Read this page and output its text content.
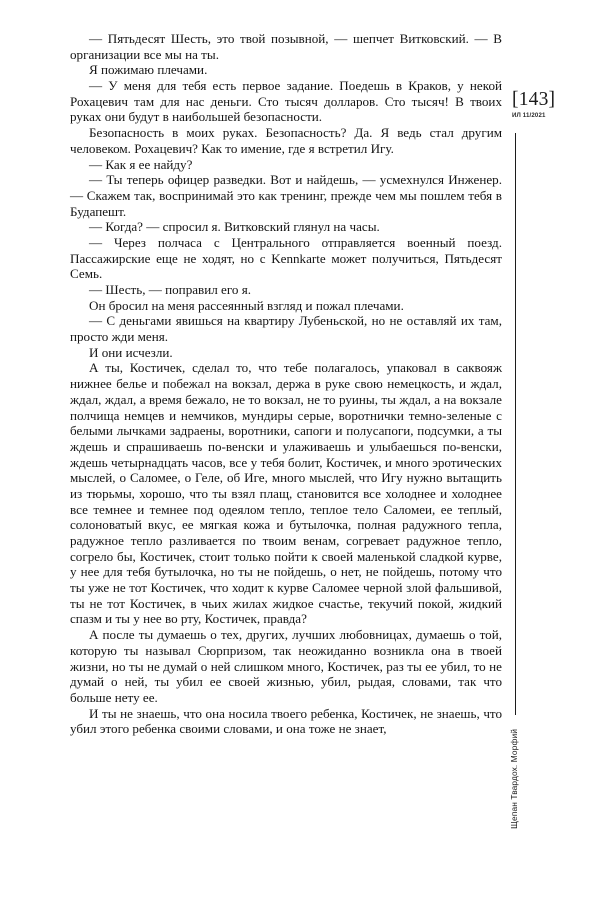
— Пятьдесят Шесть, это твой позывной, — шепчет Витковский. — В организации все мы на ты.

Я пожимаю плечами.

— У меня для тебя есть первое задание. Поедешь в Краков, у некой Рохацевич там для нас деньги. Сто тысяч долларов. Сто тысяч! В твоих руках они будут в наибольшей безопасности.

Безопасность в моих руках. Безопасность? Да. Я ведь стал другим человеком. Рохацевич? Как то имение, где я встретил Игу.

— Как я ее найду?

— Ты теперь офицер разведки. Вот и найдешь, — усмехнулся Инженер. — Скажем так, воспринимай это как тренинг, прежде чем мы пошлем тебя в Будапешт.

— Когда? — спросил я. Витковский глянул на часы.

— Через полчаса с Центрального отправляется военный поезд. Пассажирские еще не ходят, но с Kennkarte может получиться, Пятьдесят Семь.

— Шесть, — поправил его я.

Он бросил на меня рассеянный взгляд и пожал плечами.

— С деньгами явишься на квартиру Лубеньской, но не оставляй их там, просто жди меня.

И они исчезли.

А ты, Костичек, сделал то, что тебе полагалось, упаковал в саквояж нижнее белье и побежал на вокзал, держа в руке свою немецкость, и ждал, ждал, ждал, а время бежало, не то вокзал, не то руины, ты ждал, а на вокзале полчища немцев и немчиков, мундиры серые, воротнички темно-зеленые с белыми лычками задраены, воротники, сапоги и полусапоги, подсумки, а ты ждешь и спрашиваешь по-венски и улаживаешь и улыбаешься по-венски, ждешь четырнадцать часов, все у тебя болит, Костичек, и много эротических мыслей, о Саломее, о Геле, об Иге, много мыслей, что Игу нужно вытащить из тюрьмы, хорошо, что ты взял плащ, становится все холоднее и холоднее все темнее и темнее под одеялом тепло, теплое тело Саломеи, ее теплый, солоноватый вкус, ее мягкая кожа и бутылочка, полная радужного тепла, радужное тепло разливается по твоим венам, согревает радужное тепло, согрело бы, Костичек, стоит только пойти к своей маленькой сладкой курве, у нее для тебя бутылочка, но ты не пойдешь, о нет, не пойдешь, потому что ты уже не тот Костичек, что ходит к курве Саломее черной злой фальшивой, ты не тот Костичек, в чьих жилах жидкое счастье, текучий покой, жидкий спазм и ты у нее во рту, Костичек, правда?

А после ты думаешь о тех, других, лучших любовницах, думаешь о той, которую ты называл Сюрпризом, так неожиданно возникла она в твоей жизни, но ты не думай о ней слишком много, Костичек, раз ты ее убил, то не думай о ней, ты убил ее своей жизнью, убил, рыдая, словами, так что больше нету ее.

И ты не знаешь, что она носила твоего ребенка, Костичек, не знаешь, что убил этого ребенка своими словами, и она тоже не знает,

[143]
ИЛ 11/2021
Щепан Твардох. Морфий
